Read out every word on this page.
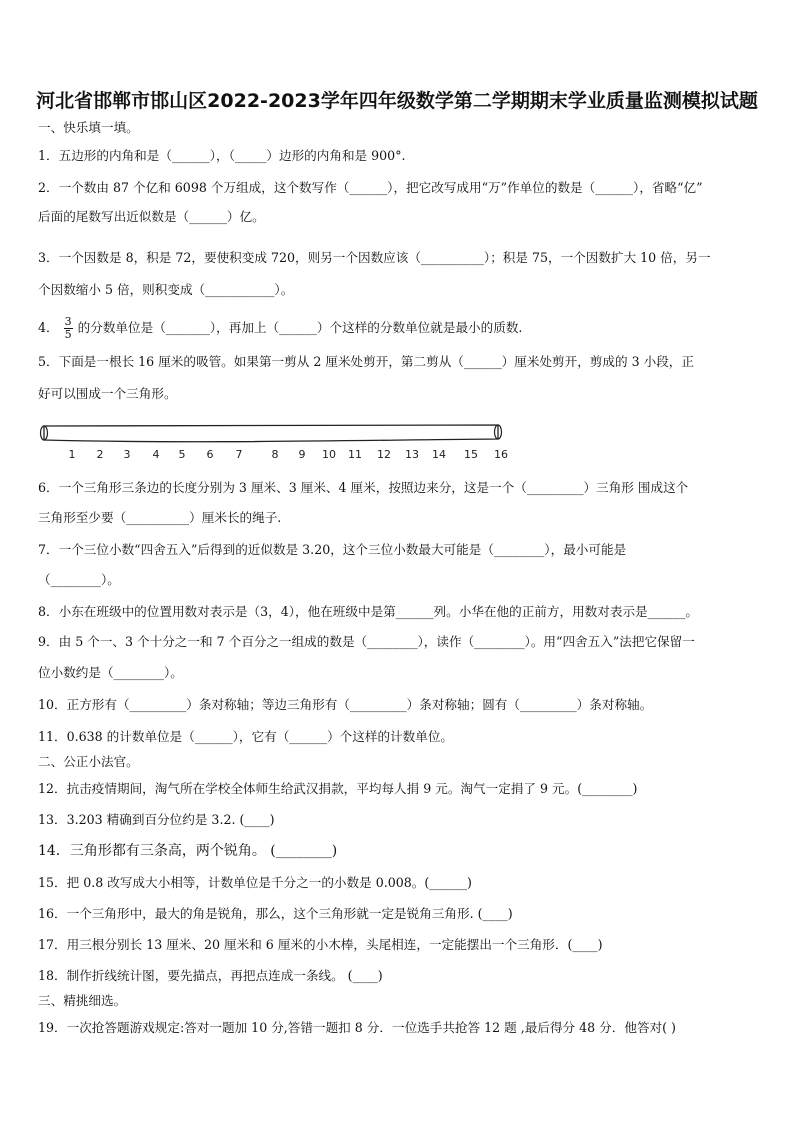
河北省邯郸市邯山区2022-2023学年四年级数学第二学期期末学业质量监测模拟试题
一、快乐填一填。
1．五边形的内角和是（______），（_____）边形的内角和是 900°.
2．一个数由 87 个亿和 6098 个万组成，这个数写作（______），把它改写成用“万”作单位的数是（______），省略“亿”
后面的尾数写出近似数是（______）亿。
3．一个因数是 8，积是 72，要使积变成 720，则另一个因数应该（__________）；积是 75，一个因数扩大 10 倍，另一
个因数缩小 5 倍，则积变成（___________）。
4． $\frac{3}{5}$ 的分数单位是（_______），再加上（______）个这样的分数单位就是最小的质数.
5．下面是一根长 16 厘米的吸管。如果第一剪从 2 厘米处剪开，第二剪从（______）厘米处剪开，剪成的 3 小段，正
好可以围成一个三角形。
1 2 3 4 5 6 7	8 9 10 11 12 13 14 15 16
6．一个三角形三条边的长度分别为 3 厘米、3 厘米、4 厘米，按照边来分，这是一个（_________）三角形 围成这个
三角形至少要（__________）厘米长的绳子.
7．一个三位小数“四舍五入”后得到的近似数是 3.20，这个三位小数最大可能是（________），最小可能是
（________）。
8．小东在班级中的位置用数对表示是（3，4），他在班级中是第______列。小华在他的正前方，用数对表示是______。
9．由 5 个一、3 个十分之一和 7 个百分之一组成的数是（________），读作（________）。用“四舍五入”法把它保留一
位小数约是（________）。
10．正方形有（_________）条对称轴；等边三角形有（_________）条对称轴；圆有（_________）条对称轴。
11．0.638 的计数单位是（______），它有（______）个这样的计数单位。
二、公正小法官。
12．抗击疫情期间，淘气所在学校全体师生给武汉捐款，平均每人捐 9 元。淘气一定捐了 9 元。(________)
13．3.203 精确到百分位约是 3.2. (____)
14．三角形都有三条高，两个锐角。 (________)
15．把 0.8 改写成大小相等，计数单位是千分之一的小数是 0.008。(______)
16．一个三角形中，最大的角是锐角，那么，这个三角形就一定是锐角三角形. (____)
17．用三根分别长 13 厘米、20 厘米和 6 厘米的小木棒，头尾相连，一定能摆出一个三角形．(____)
18．制作折线统计图，要先描点，再把点连成一条线。 (____)
三、精挑细选。
19．一次抢答题游戏规定:答对一题加 10 分,答错一题扣 8 分．一位选手共抢答 12 题 ,最后得分 48 分．他答对( )
